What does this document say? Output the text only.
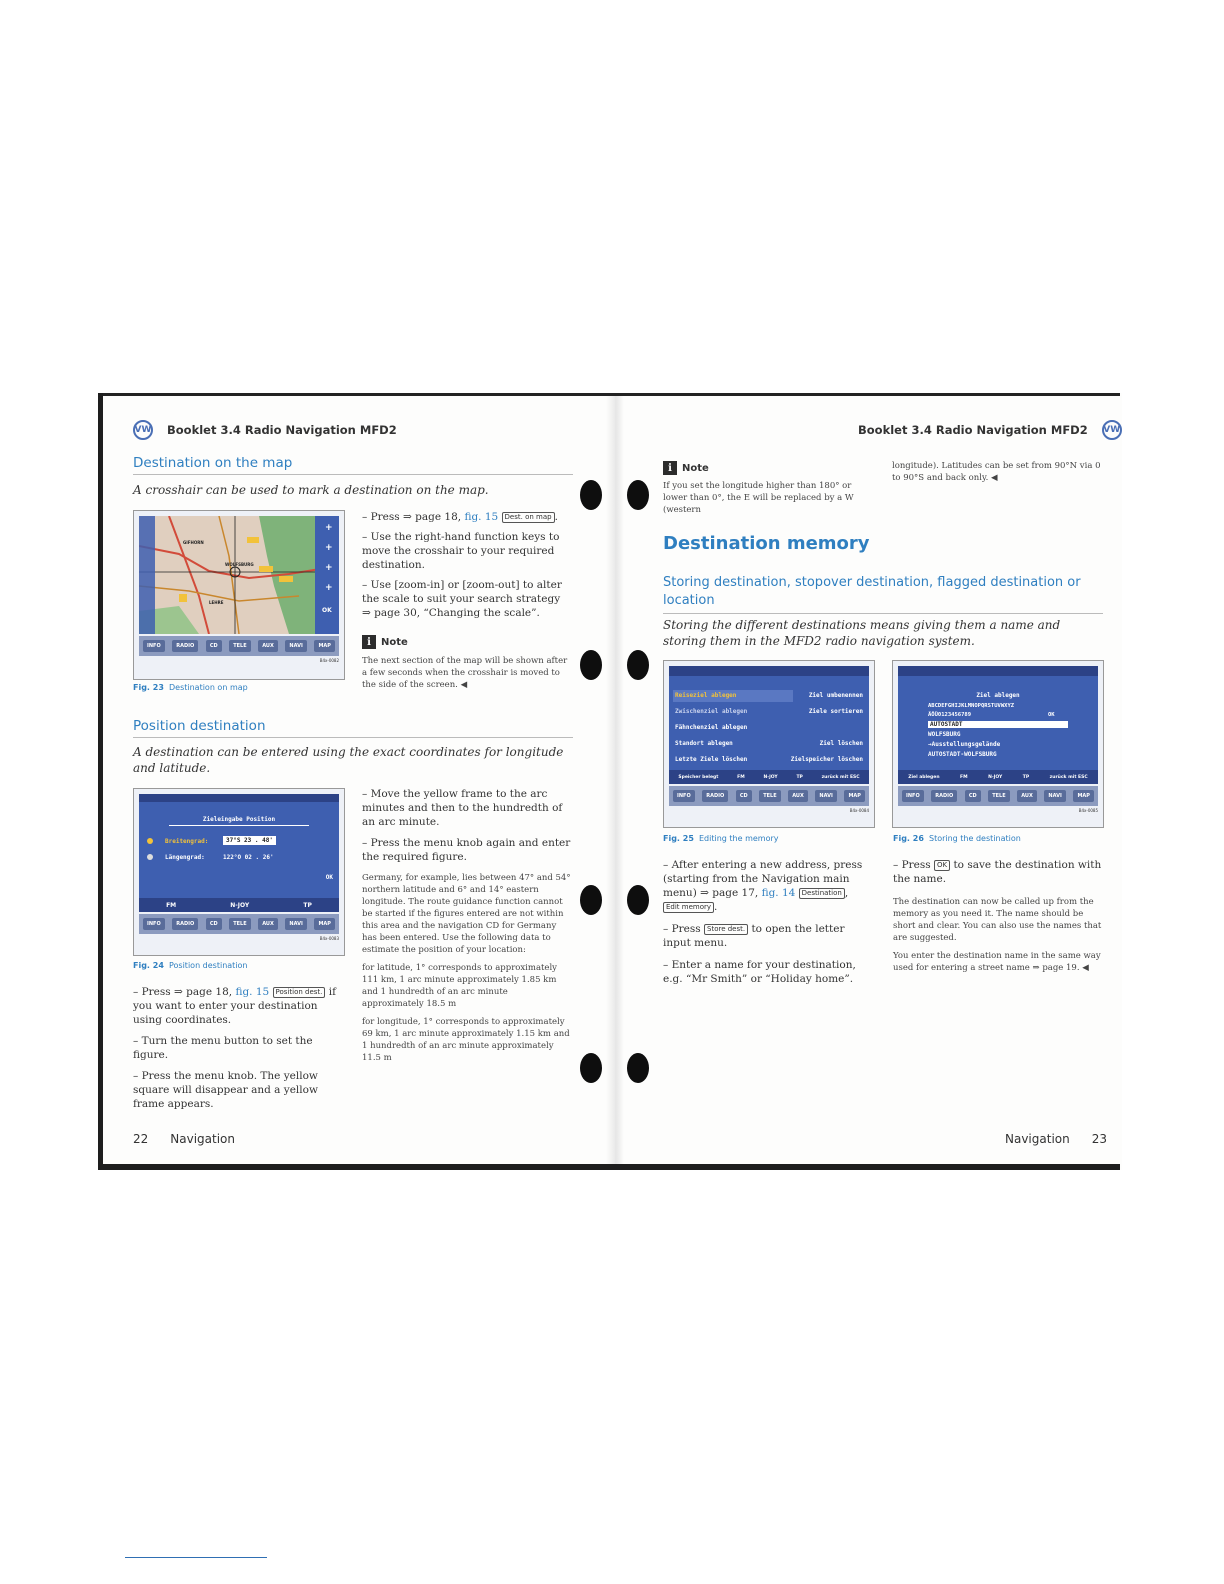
VW Booklet 3.4 Radio Navigation MFD2
Destination on the map
A crosshair can be used to mark a destination on the map.
+
+
+
+
OK
GIFHORN
WOLFSBURG
LEHRE
INFO	RADIO	CD	TELE	AUX	NAVI	MAP
B4x-0082
Fig. 23 Destination on map

– Press ⇒ page 18, fig. 15 Dest. on map .

– Use the right-hand function keys to move the crosshair to your required destination.

– Use [zoom-in] or [zoom-out] to alter the scale to suit your search strategy ⇒ page 30, “Changing the scale”.

i	Note

The next section of the map will be shown after a few seconds when the crosshair is moved to the side of the screen. ◀

Position destination
A destination can be entered using the exact coordinates for longitude and latitude.
Zieleingabe Position
Breitengrad:	37°S 23 . 48'
Längengrad:	122°O 02 . 26'
OK
FM	N-JOY	TP
INFO	RADIO	CD	TELE	AUX	NAVI	MAP
B4x-0083
Fig. 24 Position destination

– Press ⇒ page 18, fig. 15 Position dest. if you want to enter your destination using coordinates.

– Turn the menu button to set the figure.

– Press the menu knob. The yellow square will disappear and a yellow frame appears.

– Move the yellow frame to the arc minutes and then to the hundredth of an arc minute.

– Press the menu knob again and enter the required figure.

Germany, for example, lies between 47° and 54° northern latitude and 6° and 14° eastern longitude. The route guidance function cannot be started if the figures entered are not within this area and the navigation CD for Germany has been entered. Use the following data to estimate the position of your location:

for latitude, 1° corresponds to approximately 111 km, 1 arc minute approximately 1.85 km and 1 hundredth of an arc minute approximately 18.5 m

for longitude, 1° corresponds to approximately 69 km, 1 arc minute approximately 1.15 km and 1 hundredth of an arc minute approximately 11.5 m

22 Navigation
Booklet 3.4 Radio Navigation MFD2 VW
i	Note

If you set the longitude higher than 180° or lower than 0°, the E will be replaced by a W (western

longitude). Latitudes can be set from 90°N via 0 to 90°S and back only. ◀

Destination memory
Storing destination, stopover destination, flagged destination or location
Storing the different destinations means giving them a name and storing them in the MFD2 radio navigation system.
Reiseziel ablegen	Ziel umbenennen
Zwischenziel ablegen	Ziele sortieren
Fähnchenziel ablegen
Standort ablegen	Ziel löschen
Letzte Ziele löschen	Zielspeicher löschen
Speicher belegt	FM	N-JOY	TP	zurück mit ESC
INFO	RADIO	CD	TELE	AUX	NAVI	MAP
B4x-0084
Fig. 25 Editing the memory
Ziel ablegen
ABCDEFGHIJKLMNOPQRSTUVWXYZ
ÄÖÜ0123456789	OK
AUTOSTADT
WOLFSBURG
→Ausstellungsgelände
AUTOSTADT-WOLFSBURG
Ziel ablegen	FM	N-JOY	TP	zurück mit ESC
INFO	RADIO	CD	TELE	AUX	NAVI	MAP
B4x-0085
Fig. 26 Storing the destination

– After entering a new address, press (starting from the Navigation main menu) ⇒ page 17, fig. 14 Destination , Edit memory .

– Press Store dest. to open the letter input menu.

– Enter a name for your destination, e.g. “Mr Smith” or “Holiday home”.

– Press OK to save the destination with the name.

The destination can now be called up from the memory as you need it. The name should be short and clear. You can also use the names that are suggested.

You enter the destination name in the same way used for entering a street name ⇒ page 19. ◀

Navigation 23
